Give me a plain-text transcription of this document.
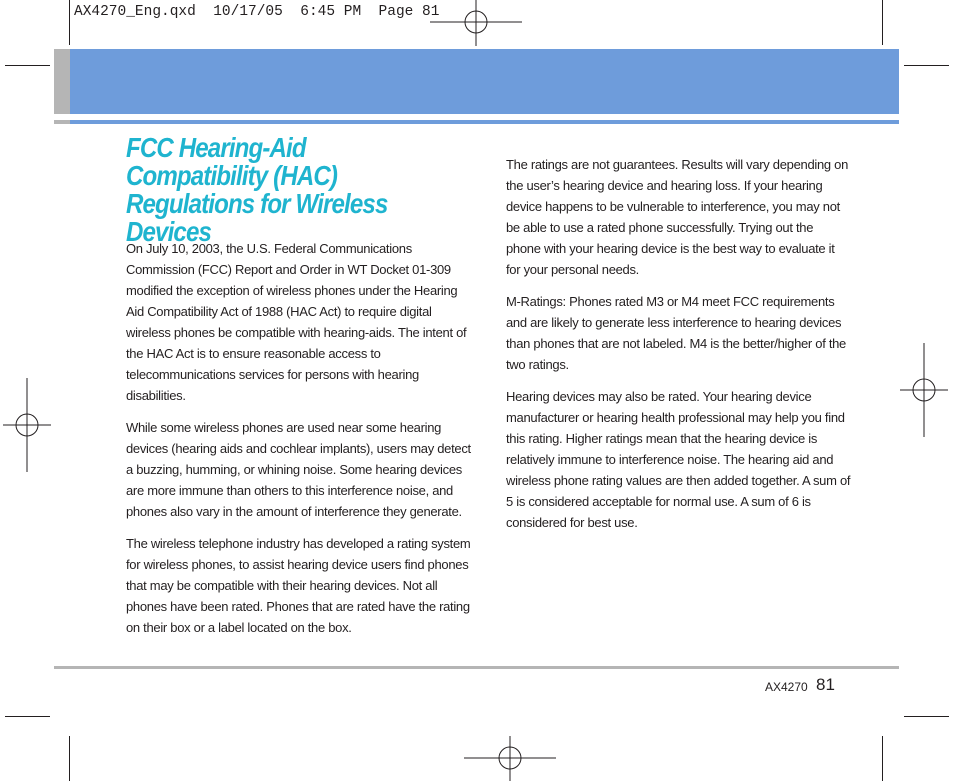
AX4270_Eng.qxd  10/17/05  6:45 PM  Page 81
FCC Hearing-Aid Compatibility (HAC) Regulations for Wireless Devices

On July 10, 2003, the U.S. Federal Communications Commission (FCC) Report and Order in WT Docket 01-309 modified the exception of wireless phones under the Hearing Aid Compatibility Act of 1988 (HAC Act) to require digital wireless phones be compatible with hearing-aids. The intent of the HAC Act is to ensure reasonable access to telecommunications services for persons with hearing disabilities.

While some wireless phones are used near some hearing devices (hearing aids and cochlear implants), users may detect a buzzing, humming, or whining noise. Some hearing devices are more immune than others to this interference noise, and phones also vary in the amount of interference they generate.

The wireless telephone industry has developed a rating system for wireless phones, to assist hearing device users find phones that may be compatible with their hearing devices. Not all phones have been rated. Phones that are rated have the rating on their box or a label located on the box.

The ratings are not guarantees. Results will vary depending on the user’s hearing device and hearing loss. If your hearing device happens to be vulnerable to interference, you may not be able to use a rated phone successfully. Trying out the phone with your hearing device is the best way to evaluate it for your personal needs.

M-Ratings: Phones rated M3 or M4 meet FCC requirements and are likely to generate less interference to hearing devices than phones that are not labeled. M4 is the better/higher of the two ratings.

Hearing devices may also be rated. Your hearing device manufacturer or hearing health professional may help you find this rating. Higher ratings mean that the hearing device is relatively immune to interference noise. The hearing aid and wireless phone rating values are then added together. A sum of 5 is considered acceptable for normal use. A sum of 6 is considered for best use.

AX4270 81
